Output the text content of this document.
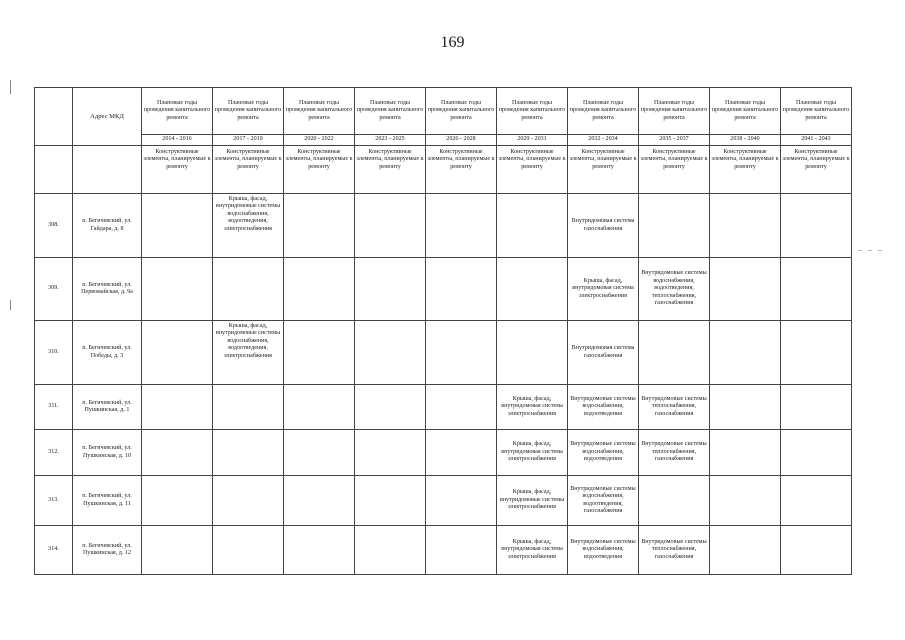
169
	Адрес МКД	Плановые годы проведения капитального ремонта	Плановые годы проведения капитального ремонта	Плановые годы проведения капитального ремонта	Плановые годы проведения капитального ремонта	Плановые годы проведения капитального ремонта	Плановые годы проведения капитального ремонта	Плановые годы проведения капитального ремонта	Плановые годы проведения капитального ремонта	Плановые годы проведения капитального ремонта	Плановые годы проведения капитального ремонта
		2014 - 2016	2017 - 2019	2020 - 2022	2023 - 2025	2026 - 2028	2029 - 2031	2032 - 2034	2035 - 2037	2038 - 2040	2041 - 2043
		Конструктивные элементы, планируемые к ремонту	Конструктивные элементы, планируемые к ремонту	Конструктивные элементы, планируемые к ремонту	Конструктивные элементы, планируемые к ремонту	Конструктивные элементы, планируемые к ремонту	Конструктивные элементы, планируемые к ремонту	Конструктивные элементы, планируемые к ремонту	Конструктивные элементы, планируемые к ремонту	Конструктивные элементы, планируемые к ремонту	Конструктивные элементы, планируемые к ремонту
308.	п. Бегичевский, ул. Гайдара, д. 8		Крыша, фасад, внутридомовые системы водоснабжения, водоотведения, электроснабжения					Внутридомовая система газоснабжения			
309.	п. Бегичевский, ул. Первомайская, д. 9а							Крыша, фасад, внутридомовая система электроснабжения	Внутридомовые системы водоснабжения, водоотведения, теплоснабжения, газоснабжения		
310.	п. Бегичевский, ул. Победы, д. 3		Крыша, фасад, внутридомовые системы водоснабжения, водоотведения, электроснабжения					Внутридомовая система газоснабжения			
311.	п. Бегичевский, ул. Пушкинская, д. 1						Крыша, фасад, внутридомовая система электроснабжения	Внутридомовые системы водоснабжения, водоотведения	Внутридомовые системы теплоснабжения, газоснабжения		
312.	п. Бегичевский, ул. Пушкинская, д. 10						Крыша, фасад, внутридомовая система электроснабжения	Внутридомовые системы водоснабжения, водоотведения	Внутридомовые системы теплоснабжения, газоснабжения		
313.	п. Бегичевский, ул. Пушкинская, д. 11						Крыша, фасад, внутридомовые системы электроснабжения	Внутридомовые системы водоснабжения, водоотведения, газоснабжения			
314.	п. Бегичевский, ул. Пушкинская, д. 12						Крыша, фасад, внутридомовая система электроснабжения	Внутридомовые системы водоснабжения, водоотведения	Внутридомовые системы теплоснабжения, газоснабжения		
– – –
